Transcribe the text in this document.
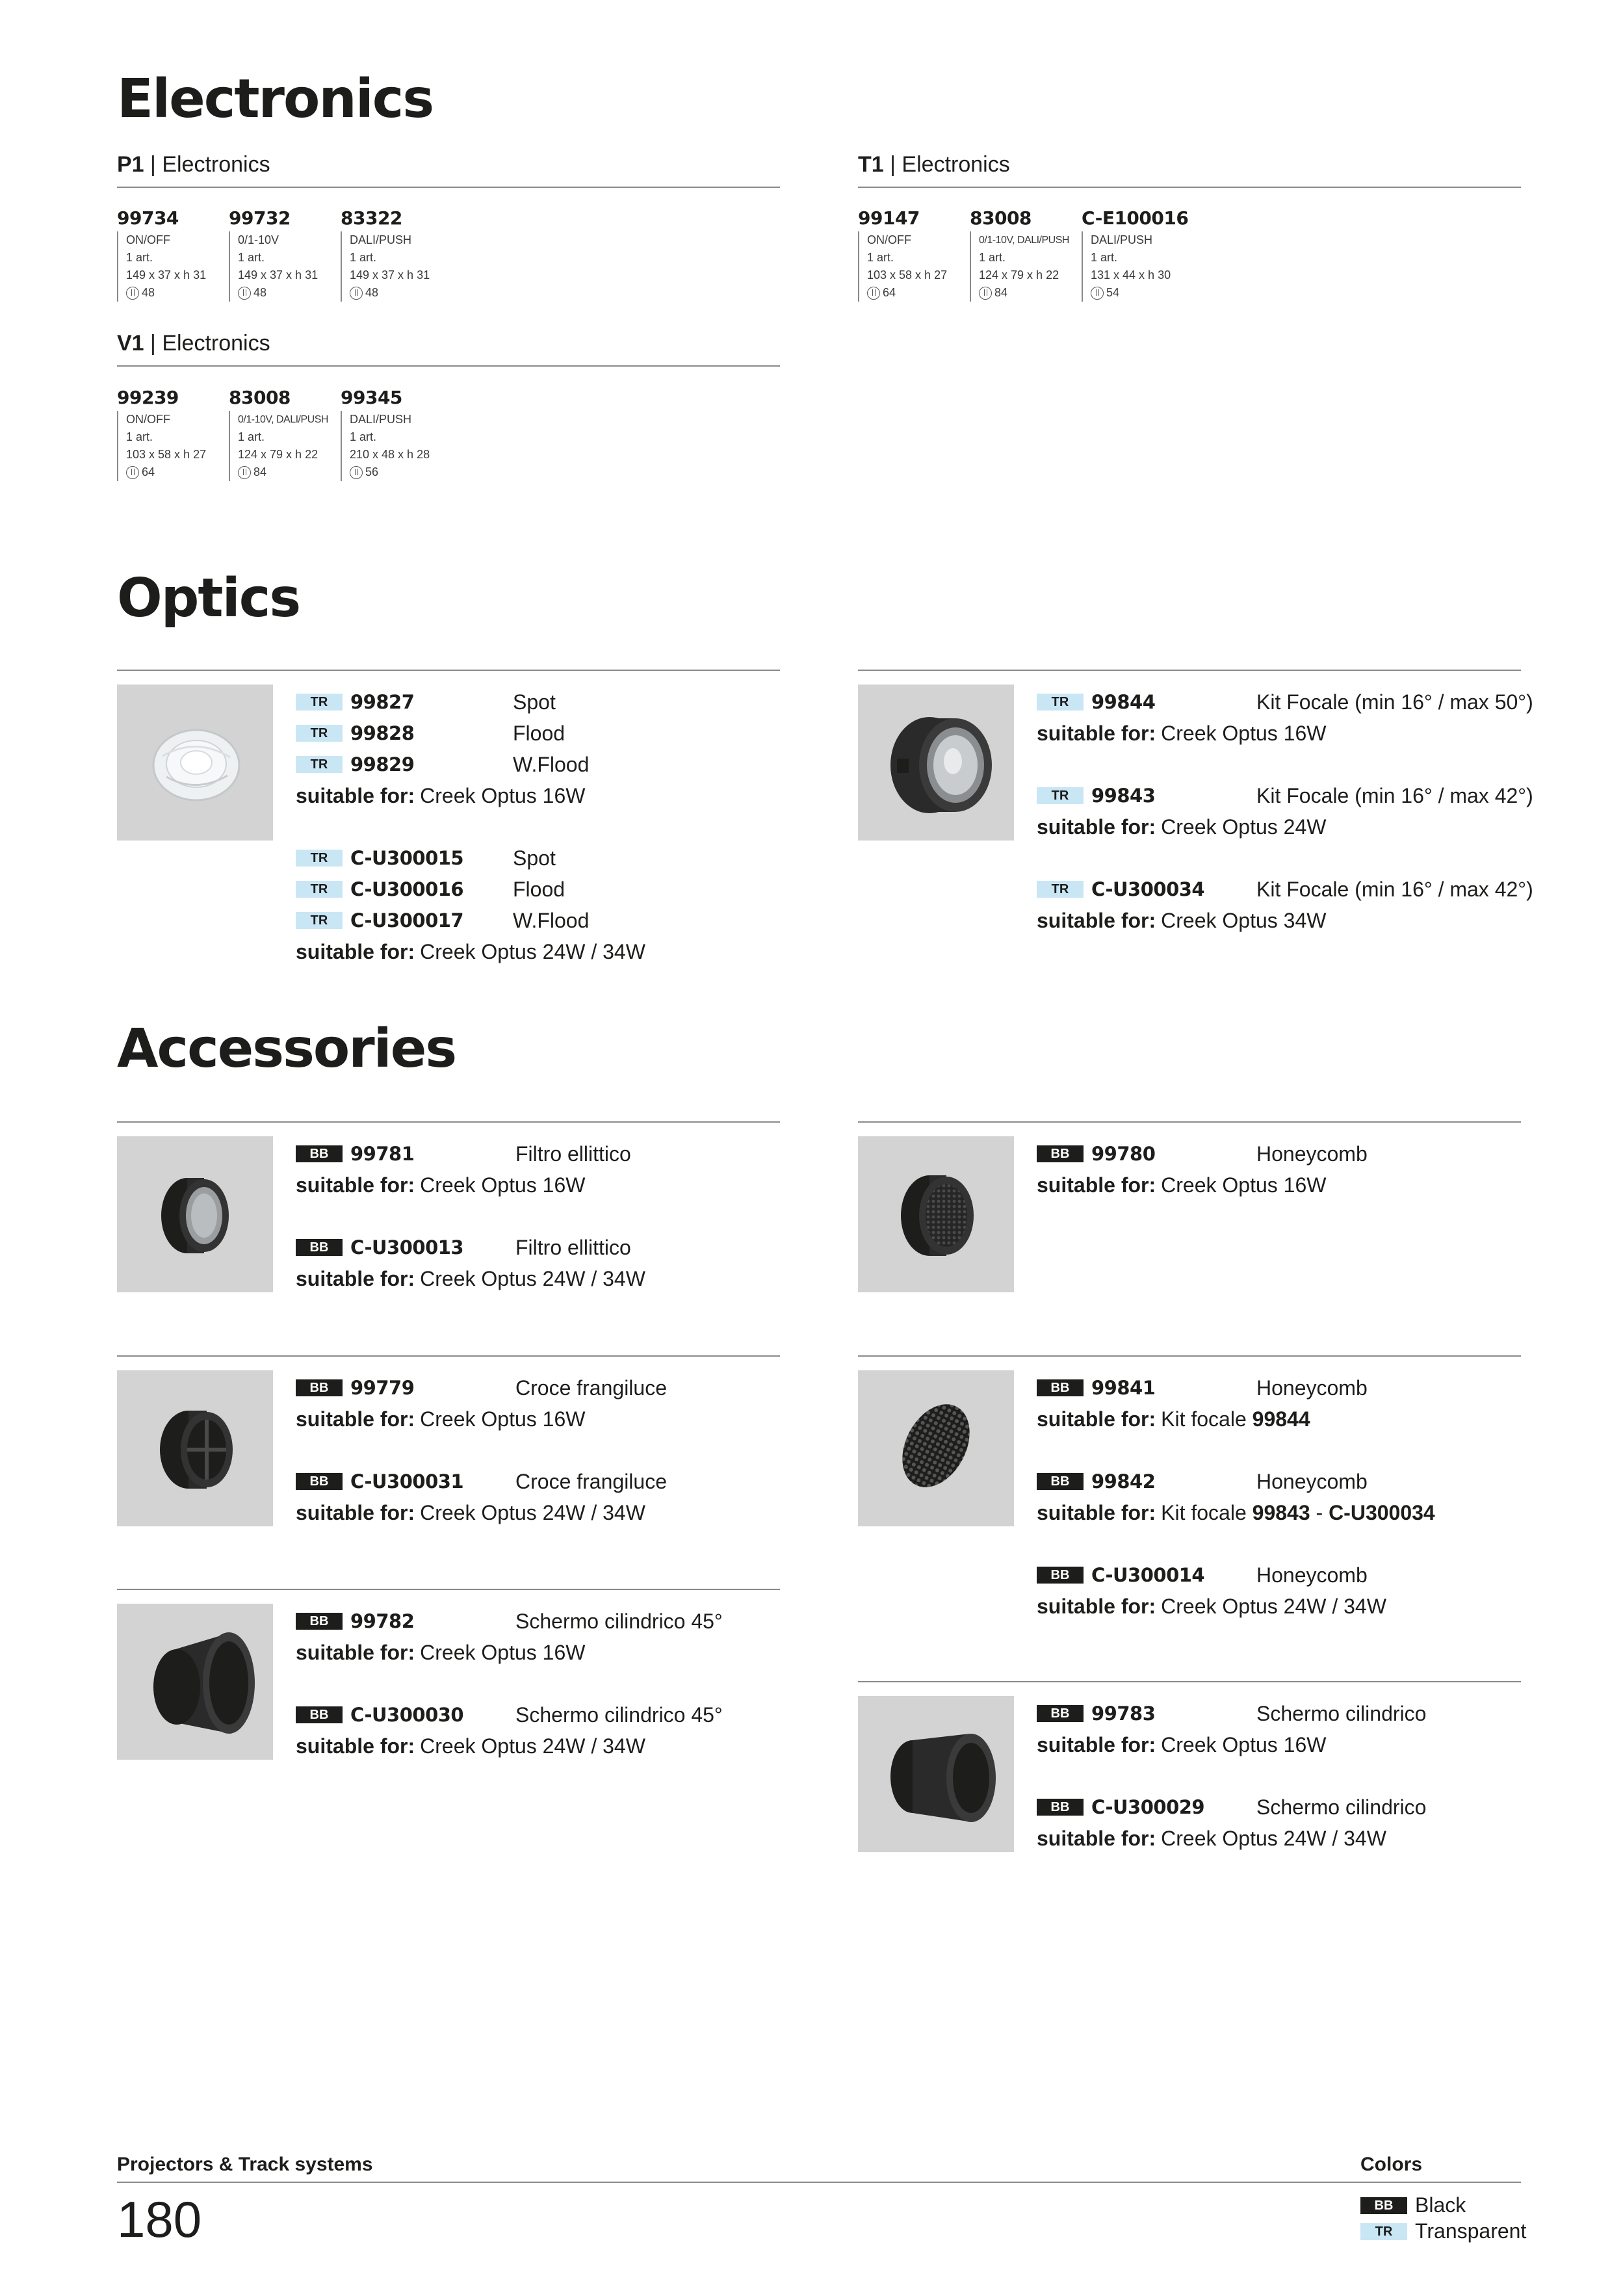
Electronics
P1 | Electronics
99734
ON/OFF
1 art.
149 x 37 x h 31
48
99732
0/1-10V
1 art.
149 x 37 x h 31
48
83322
DALI/PUSH
1 art.
149 x 37 x h 31
48
T1 | Electronics
99147
ON/OFF
1 art.
103 x 58 x h 27
64
83008
0/1-10V, DALI/PUSH
1 art.
124 x 79 x h 22
84
C-E100016
DALI/PUSH
1 art.
131 x 44 x h 30
54
V1 | Electronics
99239
ON/OFF
1 art.
103 x 58 x h 27
64
83008
0/1-10V, DALI/PUSH
1 art.
124 x 79 x h 22
84
99345
DALI/PUSH
1 art.
210 x 48 x h 28
56
Optics
TR	99827	Spot
TR	99828	Flood
TR	99829	W.Flood
suitable for: Creek Optus 16W
TR	C-U300015	Spot
TR	C-U300016	Flood
TR	C-U300017	W.Flood
suitable for: Creek Optus 24W / 34W
TR	99844	Kit Focale (min 16° / max 50°)
suitable for: Creek Optus 16W
TR	99843	Kit Focale (min 16° / max 42°)
suitable for: Creek Optus 24W
TR	C-U300034	Kit Focale (min 16° / max 42°)
suitable for: Creek Optus 34W
Accessories
BB	99781	Filtro ellittico
suitable for: Creek Optus 16W
BB	C-U300013	Filtro ellittico
suitable for: Creek Optus 24W / 34W
BB	99780	Honeycomb
suitable for: Creek Optus 16W
BB	99779	Croce frangiluce
suitable for: Creek Optus 16W
BB	C-U300031	Croce frangiluce
suitable for: Creek Optus 24W / 34W
BB	99841	Honeycomb
suitable for: Kit focale
99844
BB	99842	Honeycomb
suitable for: Kit focale
99843 - C-U300034
BB	C-U300014	Honeycomb
suitable for: Creek Optus 24W / 34W
BB	99782	Schermo cilindrico 45°
suitable for: Creek Optus 16W
BB	C-U300030	Schermo cilindrico 45°
suitable for: Creek Optus 24W / 34W
BB	99783	Schermo cilindrico
suitable for: Creek Optus 16W
BB	C-U300029	Schermo cilindrico
suitable for: Creek Optus 24W / 34W
Projectors & Track systems	Colors
180	BB	Black
TR	Transparent
